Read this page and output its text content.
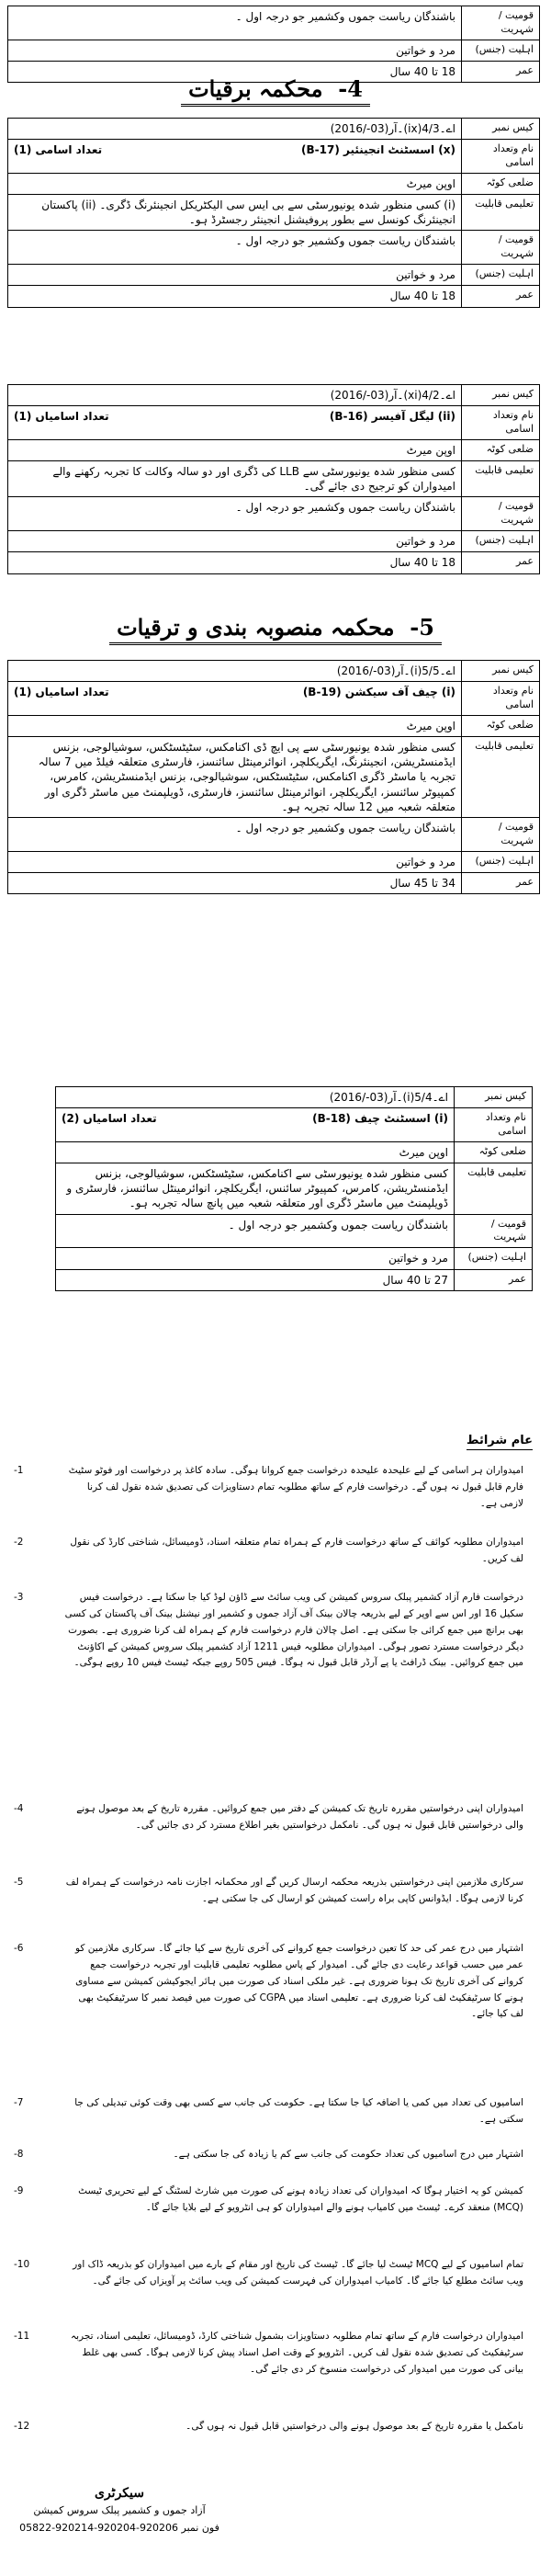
قومیت / شہریت	باشندگان ریاست جموں وکشمیر جو درجہ اول ۔
اہلیت (جنس)	مرد و خواتین
عمر	18 تا 40 سال
4-  محکمہ برقیات
کیس نمبر	اے۔4/3(ix)۔آر(03-/2016)
نام وتعداد اسامی	(x) اسسٹنٹ انجینئیر (B-17)
تعداد اسامی (1)

ضلعی کوٹہ	اوپن میرٹ
تعلیمی قابلیت	(i) کسی منظور شدہ یونیورسٹی سے بی ایس سی الیکٹریکل انجینئرنگ ڈگری۔ (ii) پاکستان انجینئرنگ کونسل سے بطور پروفیشنل انجینئر رجسٹرڈ ہو۔
قومیت / شہریت	باشندگان ریاست جموں وکشمیر جو درجہ اول ۔
اہلیت (جنس)	مرد و خواتین
عمر	18 تا 40 سال
کیس نمبر	اے۔4/2(xi)۔آر(03-/2016)
نام وتعداد اسامی	(ii) لیگل آفیسر (B-16)
تعداد اسامیاں (1)

ضلعی کوٹہ	اوپن میرٹ
تعلیمی قابلیت	کسی منظور شدہ یونیورسٹی سے LLB کی ڈگری اور دو سالہ وکالت کا تجربہ رکھنے والے امیدواران کو ترجیح دی جائے گی۔
قومیت / شہریت	باشندگان ریاست جموں وکشمیر جو درجہ اول ۔
اہلیت (جنس)	مرد و خواتین
عمر	18 تا 40 سال
5-  محکمہ منصوبہ بندی و ترقیات
کیس نمبر	اے۔5/5(i)۔آر(03-/2016)
نام وتعداد اسامی	(i) چیف آف سیکشن (B-19)
تعداد اسامیاں (1)

ضلعی کوٹہ	اوپن میرٹ
تعلیمی قابلیت	کسی منظور شدہ یونیورسٹی سے پی ایچ ڈی اکنامکس، سٹیٹسٹکس، سوشیالوجی، بزنس ایڈمنسٹریشن، انجینئرنگ، ایگریکلچر، انوائرمینٹل سائنسز، فارسٹری متعلقہ فیلڈ میں 7 سالہ تجربہ یا ماسٹر ڈگری اکنامکس، سٹیٹسٹکس، سوشیالوجی، بزنس ایڈمنسٹریشن، کامرس، کمپیوٹر سائنسز، ایگریکلچر، انوائرمینٹل سائنسز، فارسٹری، ڈویلپمنٹ میں ماسٹر ڈگری اور متعلقہ شعبہ میں 12 سالہ تجربہ ہو۔
قومیت / شہریت	باشندگان ریاست جموں وکشمیر جو درجہ اول ۔
اہلیت (جنس)	مرد و خواتین
عمر	34 تا 45 سال
کیس نمبر	اے۔5/4(i)۔آر(03-/2016)
نام وتعداد اسامی	(i) اسسٹنٹ چیف (B-18)
تعداد اسامیاں (2)

ضلعی کوٹہ	اوپن میرٹ
تعلیمی قابلیت	کسی منظور شدہ یونیورسٹی سے اکنامکس، سٹیٹسٹکس، سوشیالوجی، بزنس ایڈمنسٹریشن، کامرس، کمپیوٹر سائنس، ایگریکلچر، انوائرمینٹل سائنسز، فارسٹری و ڈویلپمنٹ میں ماسٹر ڈگری اور متعلقہ شعبہ میں پانچ سالہ تجربہ ہو۔
قومیت / شہریت	باشندگان ریاست جموں وکشمیر جو درجہ اول ۔
اہلیت (جنس)	مرد و خواتین
عمر	27 تا 40 سال
عام شرائط
-1	امیدواران ہر اسامی کے لیے علیحدہ علیحدہ درخواست جمع کروانا ہوگی۔ سادہ کاغذ پر درخواست اور فوٹو سٹیٹ فارم قابل قبول نہ ہوں گے۔ درخواست فارم کے ساتھ مطلوبہ تمام دستاویزات کی تصدیق شدہ نقول لف کرنا لازمی ہے۔
-2	امیدواران مطلوبہ کوائف کے ساتھ درخواست فارم کے ہمراہ تمام متعلقہ اسناد، ڈومیسائل، شناختی کارڈ کی نقول لف کریں۔
-3	درخواست فارم آزاد کشمیر پبلک سروس کمیشن کی ویب سائٹ سے ڈاؤن لوڈ کیا جا سکتا ہے۔ درخواست فیس سکیل 16 اور اس سے اوپر کے لیے بذریعہ چالان بینک آف آزاد جموں و کشمیر اور نیشنل بینک آف پاکستان کی کسی بھی برانچ میں جمع کرائی جا سکتی ہے۔ اصل چالان فارم درخواست فارم کے ہمراہ لف کرنا ضروری ہے۔ بصورت دیگر درخواست مسترد تصور ہوگی۔ امیدواران مطلوبہ فیس 1211 آزاد کشمیر پبلک سروس کمیشن کے اکاؤنٹ میں جمع کروائیں۔ بینک ڈرافٹ یا پے آرڈر قابل قبول نہ ہوگا۔ فیس 505 روپے جبکہ ٹیسٹ فیس 10 روپے ہوگی۔
-4	امیدواران اپنی درخواستیں مقررہ تاریخ تک کمیشن کے دفتر میں جمع کروائیں۔ مقررہ تاریخ کے بعد موصول ہونے والی درخواستیں قابل قبول نہ ہوں گی۔ نامکمل درخواستیں بغیر اطلاع مسترد کر دی جائیں گی۔
-5	سرکاری ملازمین اپنی درخواستیں بذریعہ محکمہ ارسال کریں گے اور محکمانہ اجازت نامہ درخواست کے ہمراہ لف کرنا لازمی ہوگا۔ ایڈوانس کاپی براہ راست کمیشن کو ارسال کی جا سکتی ہے۔
-6	اشتہار میں درج عمر کی حد کا تعین درخواست جمع کروانے کی آخری تاریخ سے کیا جائے گا۔ سرکاری ملازمین کو عمر میں حسب قواعد رعایت دی جائے گی۔ امیدوار کے پاس مطلوبہ تعلیمی قابلیت اور تجربہ درخواست جمع کروانے کی آخری تاریخ تک ہونا ضروری ہے۔ غیر ملکی اسناد کی صورت میں ہائر ایجوکیشن کمیشن سے مساوی ہونے کا سرٹیفکیٹ لف کرنا ضروری ہے۔ تعلیمی اسناد میں CGPA کی صورت میں فیصد نمبر کا سرٹیفکیٹ بھی لف کیا جائے۔
-7	اسامیوں کی تعداد میں کمی یا اضافہ کیا جا سکتا ہے۔ حکومت کی جانب سے کسی بھی وقت کوئی تبدیلی کی جا سکتی ہے۔
-8	اشتہار میں درج اسامیوں کی تعداد حکومت کی جانب سے کم یا زیادہ کی جا سکتی ہے۔
-9	کمیشن کو یہ اختیار ہوگا کہ امیدواران کی تعداد زیادہ ہونے کی صورت میں شارٹ لسٹنگ کے لیے تحریری ٹیسٹ (MCQ) منعقد کرے۔ ٹیسٹ میں کامیاب ہونے والے امیدواران کو ہی انٹرویو کے لیے بلایا جائے گا۔
-10	تمام اسامیوں کے لیے MCQ ٹیسٹ لیا جائے گا۔ ٹیسٹ کی تاریخ اور مقام کے بارے میں امیدواران کو بذریعہ ڈاک اور ویب سائٹ مطلع کیا جائے گا۔ کامیاب امیدواران کی فہرست کمیشن کی ویب سائٹ پر آویزاں کی جائے گی۔
-11	امیدواران درخواست فارم کے ساتھ تمام مطلوبہ دستاویزات بشمول شناختی کارڈ، ڈومیسائل، تعلیمی اسناد، تجربہ سرٹیفکیٹ کی تصدیق شدہ نقول لف کریں۔ انٹرویو کے وقت اصل اسناد پیش کرنا لازمی ہوگا۔ کسی بھی غلط بیانی کی صورت میں امیدوار کی درخواست منسوخ کر دی جائے گی۔
-12	نامکمل یا مقررہ تاریخ کے بعد موصول ہونے والی درخواستیں قابل قبول نہ ہوں گی۔
سیکرٹری
آزاد جموں و کشمیر پبلک سروس کمیشن
05822-920214-920204-920206 فون نمبر
